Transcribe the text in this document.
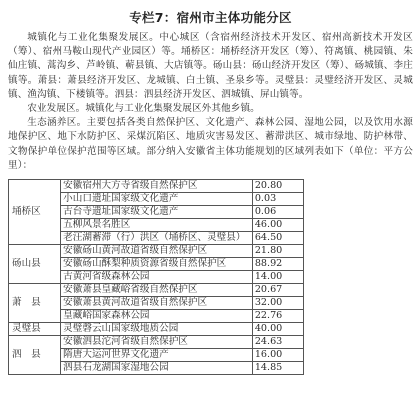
专栏7：宿州市主体功能分区

城镇化与工业化集聚发展区。中心城区（含宿州经济技术开发区、宿州高新技术开发区（筹）、宿州马鞍山现代产业园区）等。埇桥区：埇桥经济开发区（筹）、符离镇、桃园镇、朱仙庄镇、蒿沟乡、芦岭镇、蕲县镇、大店镇等。砀山县：砀山经济开发区（筹）、砀城镇、李庄镇等。萧县：萧县经济开发区、龙城镇、白土镇、圣泉乡等。灵璧县：灵璧经济开发区、灵城镇、渔沟镇、下楼镇等。泗县：泗县经济开发区、泗城镇、屏山镇等。

农业发展区。城镇化与工业化集聚发展区外其他乡镇。

生态涵养区。主要包括各类自然保护区、文化遗产、森林公园、湿地公园，以及饮用水源地保护区、地下水防护区、采煤沉陷区、地质灾害易发区、蓄滞洪区、城市绿地、防护林带、文物保护单位保护范围等区域。部分纳入安徽省主体功能规划的区域列表如下（单位：平方公里）：

埇桥区	安徽宿州大方寺省级自然保护区	20.80
	小山口遗址国家级文化遗产	0.03
	古台寺遗址国家级文化遗产	0.06
	五柳风景名胜区	46.00
	老汪湖蓄滞（行）洪区（埇桥区、灵璧县）	64.50
砀山县	安徽砀山黄河故道省级自然保护区	21.80
	安徽砀山酥梨种质资源省级自然保护区	88.92
	古黄河省级森林公园	14.00
萧　县	安徽萧县皇藏峪省级自然保护区	20.67
	安徽萧县黄河故道省级自然保护区	32.00
	皇藏峪国家森林公园	22.76
灵璧县	灵璧磬云山国家级地质公园	40.00
泗　县	安徽泗县沱河省级自然保护区	24.63
	隋唐大运河世界文化遗产	16.00
	泗县石龙湖国家湿地公园	14.85
